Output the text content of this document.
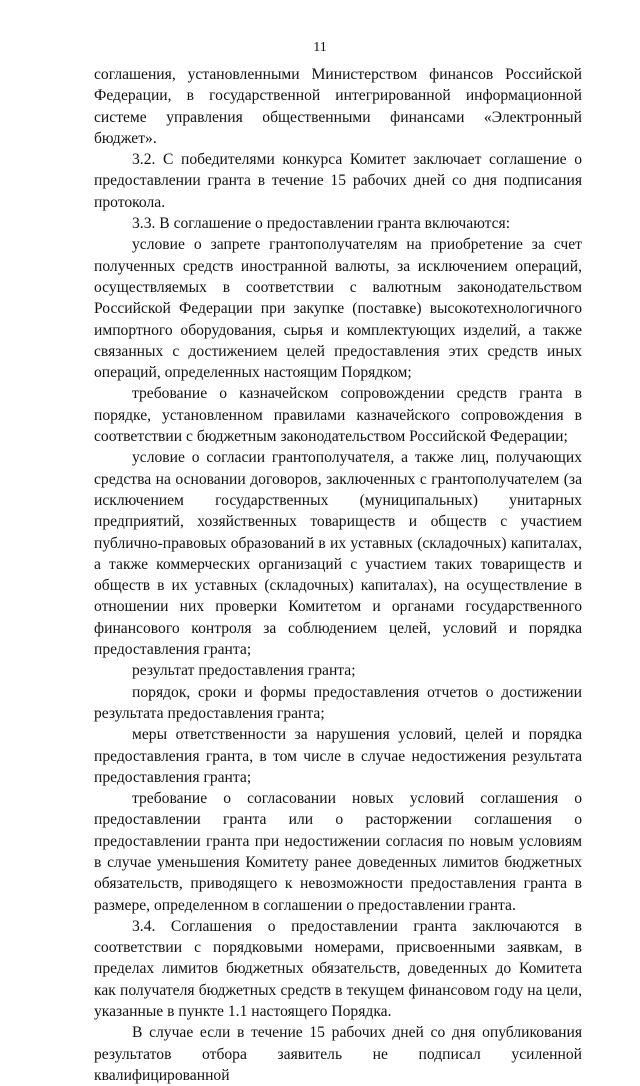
11

соглашения, установленными Министерством финансов Российской Федерации, в государственной интегрированной информационной системе управления общественными финансами «Электронный бюджет».

3.2. С победителями конкурса Комитет заключает соглашение о предоставлении гранта в течение 15 рабочих дней со дня подписания протокола.

3.3. В соглашение о предоставлении гранта включаются:

условие о запрете грантополучателям на приобретение за счет полученных средств иностранной валюты, за исключением операций, осуществляемых в соответствии с валютным законодательством Российской Федерации при закупке (поставке) высокотехнологичного импортного оборудования, сырья и комплектующих изделий, а также связанных с достижением целей предоставления этих средств иных операций, определенных настоящим Порядком;

требование о казначейском сопровождении средств гранта в порядке, установленном правилами казначейского сопровождения в соответствии с бюджетным законодательством Российской Федерации;

условие о согласии грантополучателя, а также лиц, получающих средства на основании договоров, заключенных с грантополучателем (за исключением государственных (муниципальных) унитарных предприятий, хозяйственных товариществ и обществ с участием публично-правовых образований в их уставных (складочных) капиталах, а также коммерческих организаций с участием таких товариществ и обществ в их уставных (складочных) капиталах), на осуществление в отношении них проверки Комитетом и органами государственного финансового контроля за соблюдением целей, условий и порядка предоставления гранта;

результат предоставления гранта;

порядок, сроки и формы предоставления отчетов о достижении результата предоставления гранта;

меры ответственности за нарушения условий, целей и порядка предоставления гранта, в том числе в случае недостижения результата предоставления гранта;

требование о согласовании новых условий соглашения о предоставлении гранта или о расторжении соглашения о предоставлении гранта при недостижении согласия по новым условиям в случае уменьшения Комитету ранее доведенных лимитов бюджетных обязательств, приводящего к невозможности предоставления гранта в размере, определенном в соглашении о предоставлении гранта.

3.4. Соглашения о предоставлении гранта заключаются в соответствии с порядковыми номерами, присвоенными заявкам, в пределах лимитов бюджетных обязательств, доведенных до Комитета как получателя бюджетных средств в текущем финансовом году на цели, указанные в пункте 1.1 настоящего Порядка.

В случае если в течение 15 рабочих дней со дня опубликования результатов отбора заявитель не подписал усиленной квалифицированной
